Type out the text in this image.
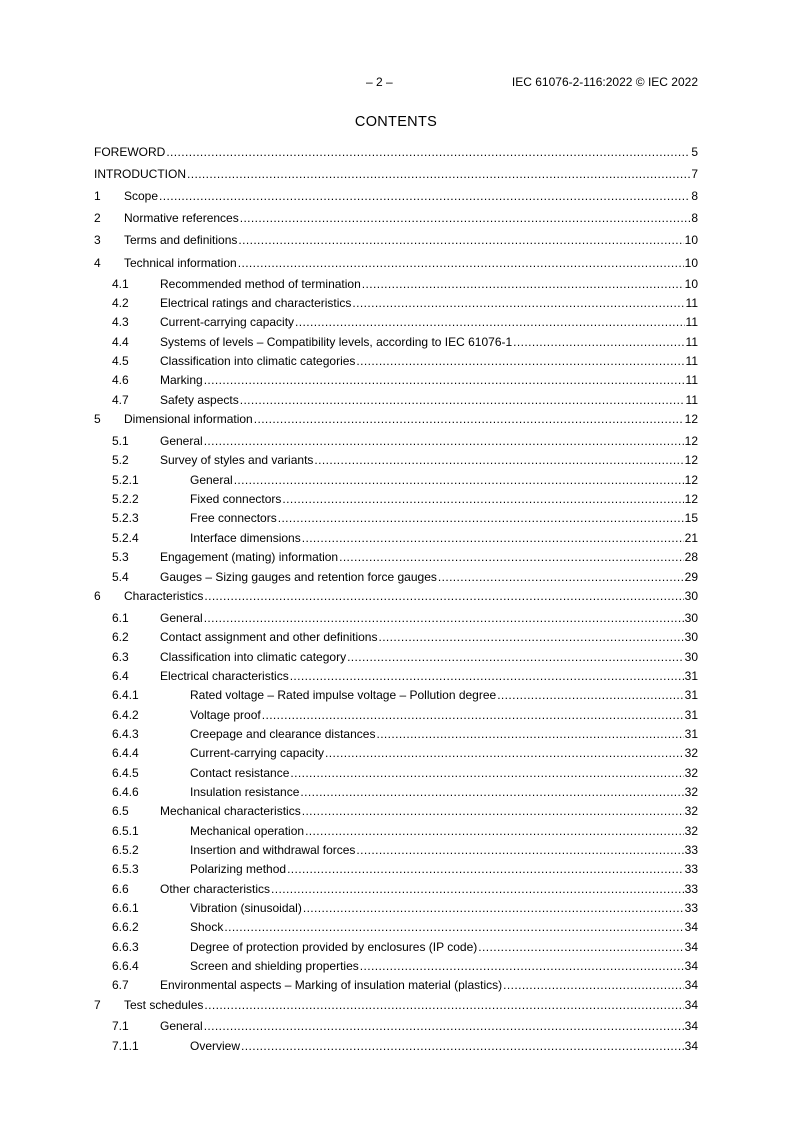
– 2 –	IEC 61076-2-116:2022 © IEC 2022
CONTENTS
FOREWORD .....	5
INTRODUCTION .....	7
1	Scope .....	8
2	Normative references .....	8
3	Terms and definitions .....	10
4	Technical information .....	10
4.1	Recommended method of termination .....	10
4.2	Electrical ratings and characteristics .....	11
4.3	Current-carrying capacity .....	11
4.4	Systems of levels – Compatibility levels, according to IEC 61076-1 .....	11
4.5	Classification into climatic categories .....	11
4.6	Marking .....	11
4.7	Safety aspects .....	11
5	Dimensional information .....	12
5.1	General .....	12
5.2	Survey of styles and variants .....	12
5.2.1	General .....	12
5.2.2	Fixed connectors .....	12
5.2.3	Free connectors .....	15
5.2.4	Interface dimensions .....	21
5.3	Engagement (mating) information .....	28
5.4	Gauges – Sizing gauges and retention force gauges .....	29
6	Characteristics .....	30
6.1	General .....	30
6.2	Contact assignment and other definitions .....	30
6.3	Classification into climatic category .....	30
6.4	Electrical characteristics .....	31
6.4.1	Rated voltage – Rated impulse voltage – Pollution degree .....	31
6.4.2	Voltage proof .....	31
6.4.3	Creepage and clearance distances .....	31
6.4.4	Current-carrying capacity .....	32
6.4.5	Contact resistance .....	32
6.4.6	Insulation resistance .....	32
6.5	Mechanical characteristics .....	32
6.5.1	Mechanical operation .....	32
6.5.2	Insertion and withdrawal forces .....	33
6.5.3	Polarizing method .....	33
6.6	Other characteristics .....	33
6.6.1	Vibration (sinusoidal) .....	33
6.6.2	Shock .....	34
6.6.3	Degree of protection provided by enclosures (IP code) .....	34
6.6.4	Screen and shielding properties .....	34
6.7	Environmental aspects – Marking of insulation material (plastics) .....	34
7	Test schedules .....	34
7.1	General .....	34
7.1.1	Overview .....	34
